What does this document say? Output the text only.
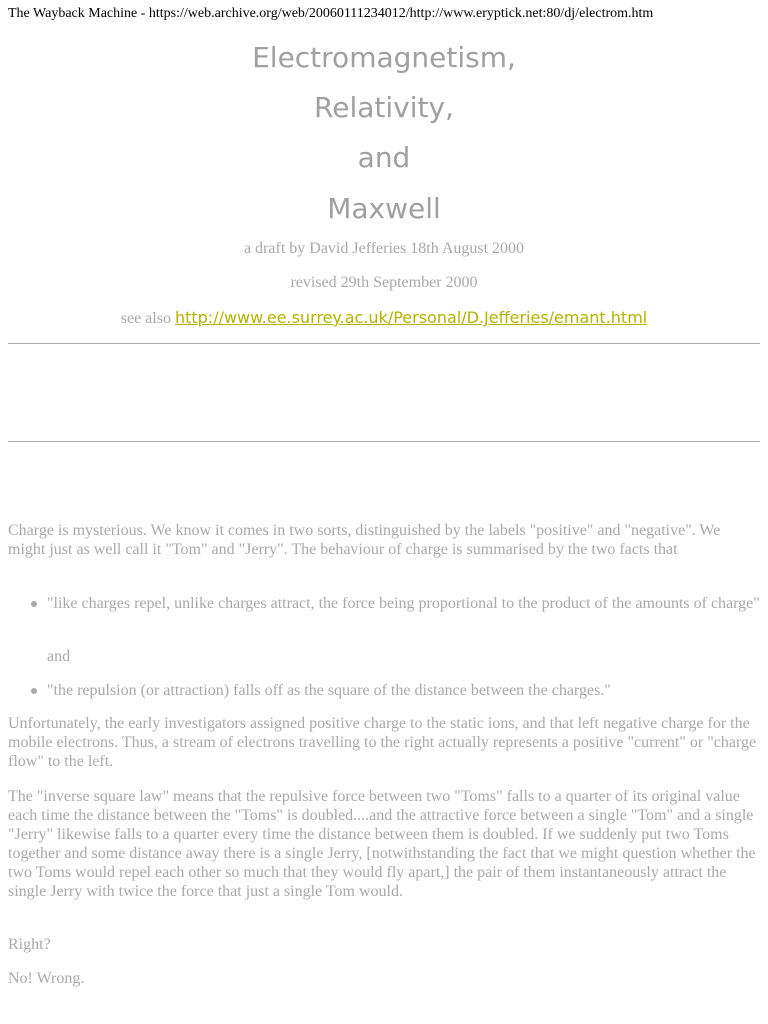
The Wayback Machine - https://web.archive.org/web/20060111234012/http://www.eryptick.net:80/dj/electrom.htm
Electromagnetism,
Relativity,
and
Maxwell
a draft by David Jefferies 18th August 2000
revised 29th September 2000
see also http://www.ee.surrey.ac.uk/Personal/D.Jefferies/emant.html

Charge is mysterious. We know it comes in two sorts, distinguished by the labels "positive" and "negative". We might just as well call it "Tom" and "Jerry". The behaviour of charge is summarised by the two facts that

"like charges repel, unlike charges attract, the force being proportional to the product of the amounts of charge"
and
"the repulsion (or attraction) falls off as the square of the distance between the charges."

Unfortunately, the early investigators assigned positive charge to the static ions, and that left negative charge for the mobile electrons. Thus, a stream of electrons travelling to the right actually represents a positive "current" or "charge flow" to the left.

The "inverse square law" means that the repulsive force between two "Toms" falls to a quarter of its original value each time the distance between the "Toms" is doubled....and the attractive force between a single "Tom" and a single "Jerry" likewise falls to a quarter every time the distance between them is doubled. If we suddenly put two Toms together and some distance away there is a single Jerry, [notwithstanding the fact that we might question whether the two Toms would repel each other so much that they would fly apart,] the pair of them instantaneously attract the single Jerry with twice the force that just a single Tom would.

Right?

No! Wrong.
